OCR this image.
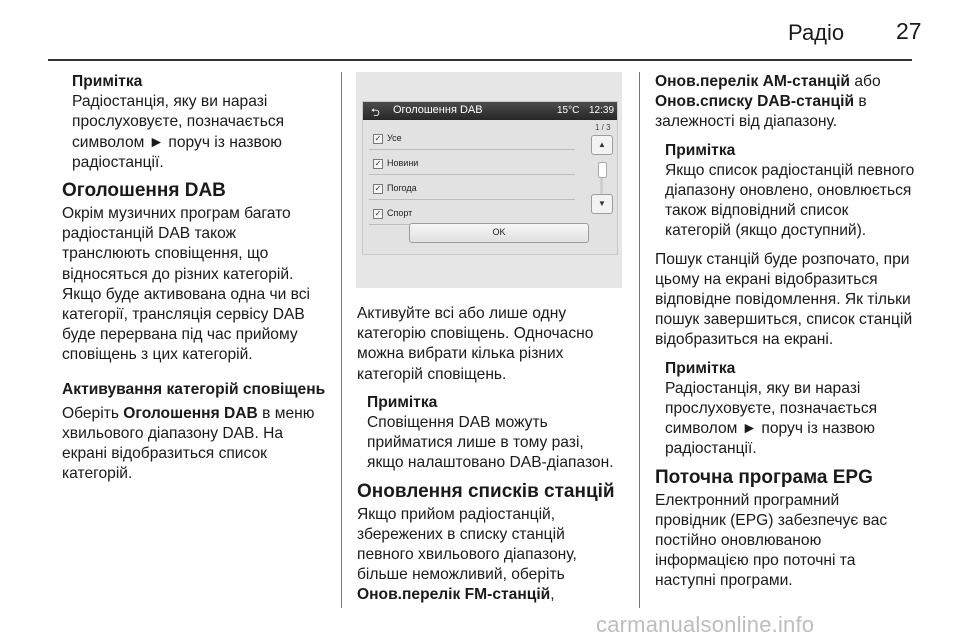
Радіо 27

Примітка

Радіостанція, яку ви наразі

прослуховуєте, позначається

символом ► поруч із назвою

радіостанції.

Оголошення DAB

Окрім музичних програм багато

радіостанцій DAB також

транслюють сповіщення, що

відносяться до різних категорій.

Якщо буде активована одна чи всі

категорії, трансляція сервісу DAB

буде перервана під час прийому

сповіщень з цих категорій.

Активування категорій сповіщень

Оберіть Оголошення DAB в меню

хвильового діапазону DAB. На

екрані відобразиться список

категорій.

⮌ Оголошення DAB	15°C 12:39
✓ Усе
✓ Новини
✓ Погода
✓ Спорт
1 / 3
▲
▼
OK

Активуйте всі або лише одну

категорію сповіщень. Одночасно

можна вибрати кілька різних

категорій сповіщень.

Примітка

Сповіщення DAB можуть

прийматися лише в тому разі,

якщо налаштовано DAB-діапазон.

Оновлення списків станцій

Якщо прийом радіостанцій,

збережених в списку станцій

певного хвильового діапазону,

більше неможливий, оберіть

Онов.перелік FM-станцій,

Онов.перелік АМ-станцій або

Онов.списку DAB-станцій в

залежності від діапазону.

Примітка

Якщо список радіостанцій певного

діапазону оновлено, оновлюється

також відповідний список

категорій (якщо доступний).

Пошук станцій буде розпочато, при

цьому на екрані відобразиться

відповідне повідомлення. Як тільки

пошук завершиться, список станцій

відобразиться на екрані.

Примітка

Радіостанція, яку ви наразі

прослуховуєте, позначається

символом ► поруч із назвою

радіостанції.

Поточна програма EPG

Електронний програмний

провідник (EPG) забезпечує вас

постійно оновлюваною

інформацією про поточні та

наступні програми.

carmanualsonline.info
